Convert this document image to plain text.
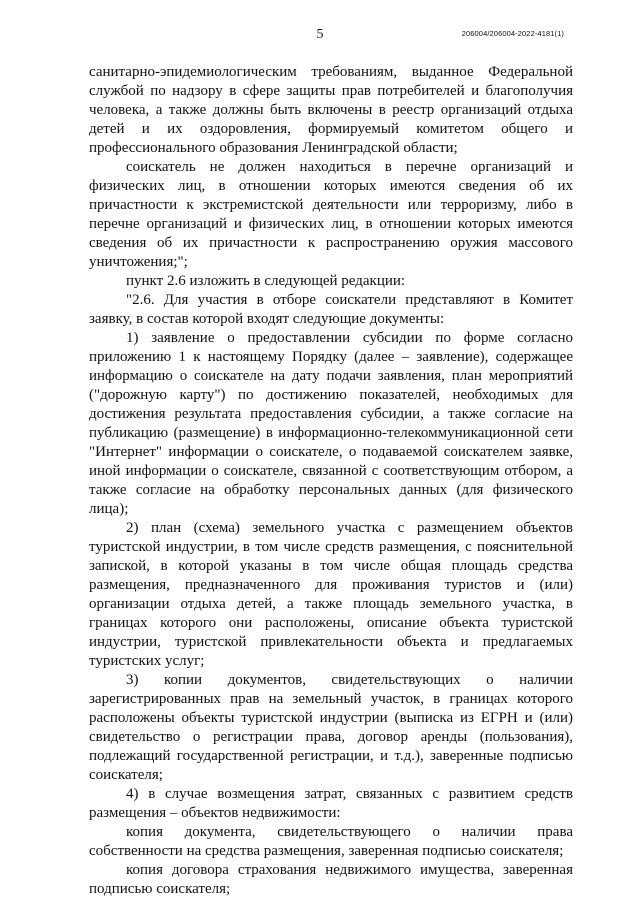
5	206004/206004-2022-4181(1)

санитарно-эпидемиологическим требованиям, выданное Федеральной службой по надзору в сфере защиты прав потребителей и благополучия человека, а также должны быть включены в реестр организаций отдыха детей и их оздоровления, формируемый комитетом общего и профессионального образования Ленинградской области;

соискатель не должен находиться в перечне организаций и физических лиц, в отношении которых имеются сведения об их причастности к экстремистской деятельности или терроризму, либо в перечне организаций и физических лиц, в отношении которых имеются сведения об их причастности к распространению оружия массового уничтожения;";

пункт 2.6 изложить в следующей редакции:

"2.6. Для участия в отборе соискатели представляют в Комитет заявку, в состав которой входят следующие документы:

1) заявление о предоставлении субсидии по форме согласно приложению 1 к настоящему Порядку (далее – заявление), содержащее информацию о соискателе на дату подачи заявления, план мероприятий ("дорожную карту") по достижению показателей, необходимых для достижения результата предоставления субсидии, а также согласие на публикацию (размещение) в информационно-телекоммуникационной сети "Интернет" информации о соискателе, о подаваемой соискателем заявке, иной информации о соискателе, связанной с соответствующим отбором, а также согласие на обработку персональных данных (для физического лица);

2) план (схема) земельного участка с размещением объектов туристской индустрии, в том числе средств размещения, с пояснительной запиской, в которой указаны в том числе общая площадь средства размещения, предназначенного для проживания туристов и (или) организации отдыха детей, а также площадь земельного участка, в границах которого они расположены, описание объекта туристской индустрии, туристской привлекательности объекта и предлагаемых туристских услуг;

3) копии документов, свидетельствующих о наличии зарегистрированных прав на земельный участок, в границах которого расположены объекты туристской индустрии (выписка из ЕГРН и (или) свидетельство о регистрации права, договор аренды (пользования), подлежащий государственной регистрации, и т.д.), заверенные подписью соискателя;

4) в случае возмещения затрат, связанных с развитием средств размещения – объектов недвижимости:

копия документа, свидетельствующего о наличии права собственности на средства размещения, заверенная подписью соискателя;

копия договора страхования недвижимого имущества, заверенная подписью соискателя;
